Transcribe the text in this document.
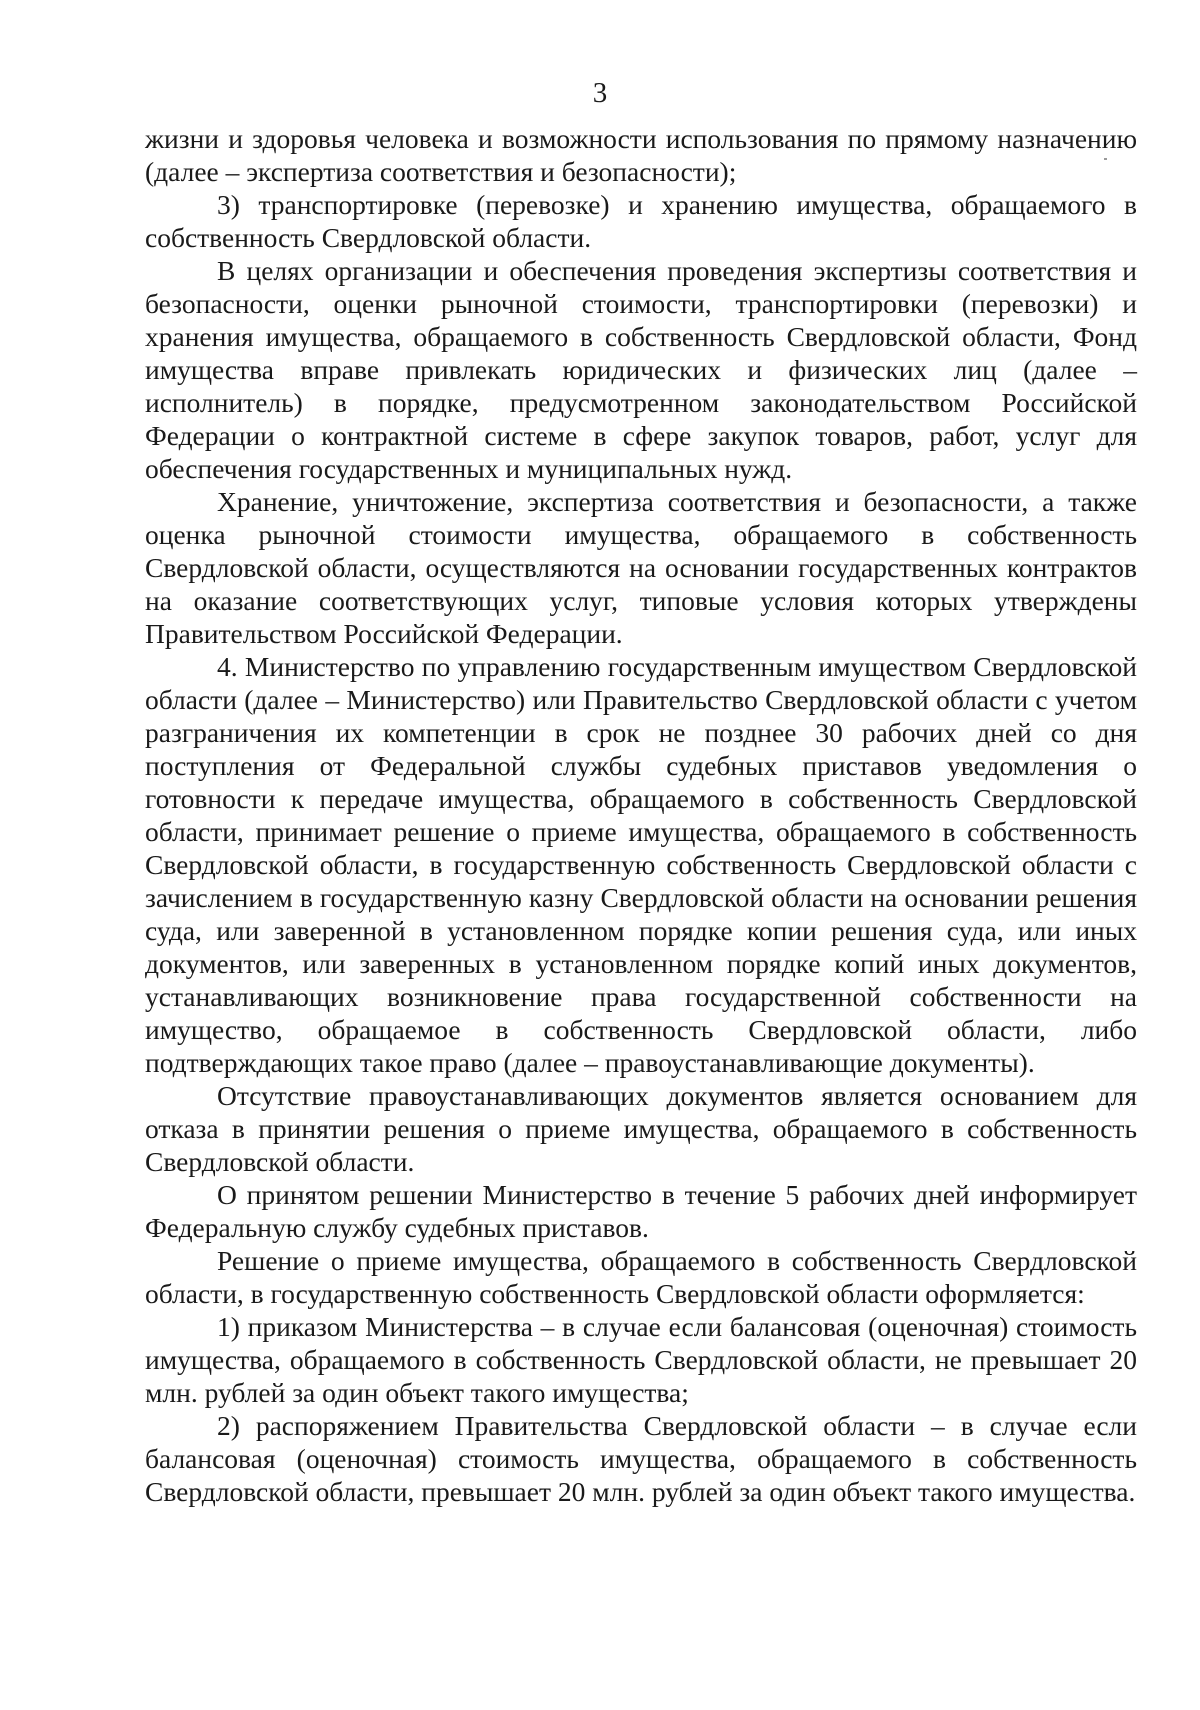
3

жизни и здоровья человека и возможности использования по прямому назначению (далее – экспертиза соответствия и безопасности);

3) транспортировке (перевозке) и хранению имущества, обращаемого в собственность Свердловской области.

В целях организации и обеспечения проведения экспертизы соответствия и безопасности, оценки рыночной стоимости, транспортировки (перевозки) и хранения имущества, обращаемого в собственность Свердловской области, Фонд имущества вправе привлекать юридических и физических лиц (далее – исполнитель) в порядке, предусмотренном законодательством Российской Федерации о контрактной системе в сфере закупок товаров, работ, услуг для обеспечения государственных и муниципальных нужд.

Хранение, уничтожение, экспертиза соответствия и безопасности, а также оценка рыночной стоимости имущества, обращаемого в собственность Свердловской области, осуществляются на основании государственных контрактов на оказание соответствующих услуг, типовые условия которых утверждены Правительством Российской Федерации.

4. Министерство по управлению государственным имуществом Свердловской области (далее – Министерство) или Правительство Свердловской области с учетом разграничения их компетенции в срок не позднее 30 рабочих дней со дня поступления от Федеральной службы судебных приставов уведомления о готовности к передаче имущества, обращаемого в собственность Свердловской области, принимает решение о приеме имущества, обращаемого в собственность Свердловской области, в государственную собственность Свердловской области с зачислением в государственную казну Свердловской области на основании решения суда, или заверенной в установленном порядке копии решения суда, или иных документов, или заверенных в установленном порядке копий иных документов, устанавливающих возникновение права государственной собственности на имущество, обращаемое в собственность Свердловской области, либо подтверждающих такое право (далее – правоустанавливающие документы).

Отсутствие правоустанавливающих документов является основанием для отказа в принятии решения о приеме имущества, обращаемого в собственность Свердловской области.

О принятом решении Министерство в течение 5 рабочих дней информирует Федеральную службу судебных приставов.

Решение о приеме имущества, обращаемого в собственность Свердловской области, в государственную собственность Свердловской области оформляется:

1) приказом Министерства – в случае если балансовая (оценочная) стоимость имущества, обращаемого в собственность Свердловской области, не превышает 20 млн. рублей за один объект такого имущества;

2) распоряжением Правительства Свердловской области – в случае если балансовая (оценочная) стоимость имущества, обращаемого в собственность Свердловской области, превышает 20 млн. рублей за один объект такого имущества.
